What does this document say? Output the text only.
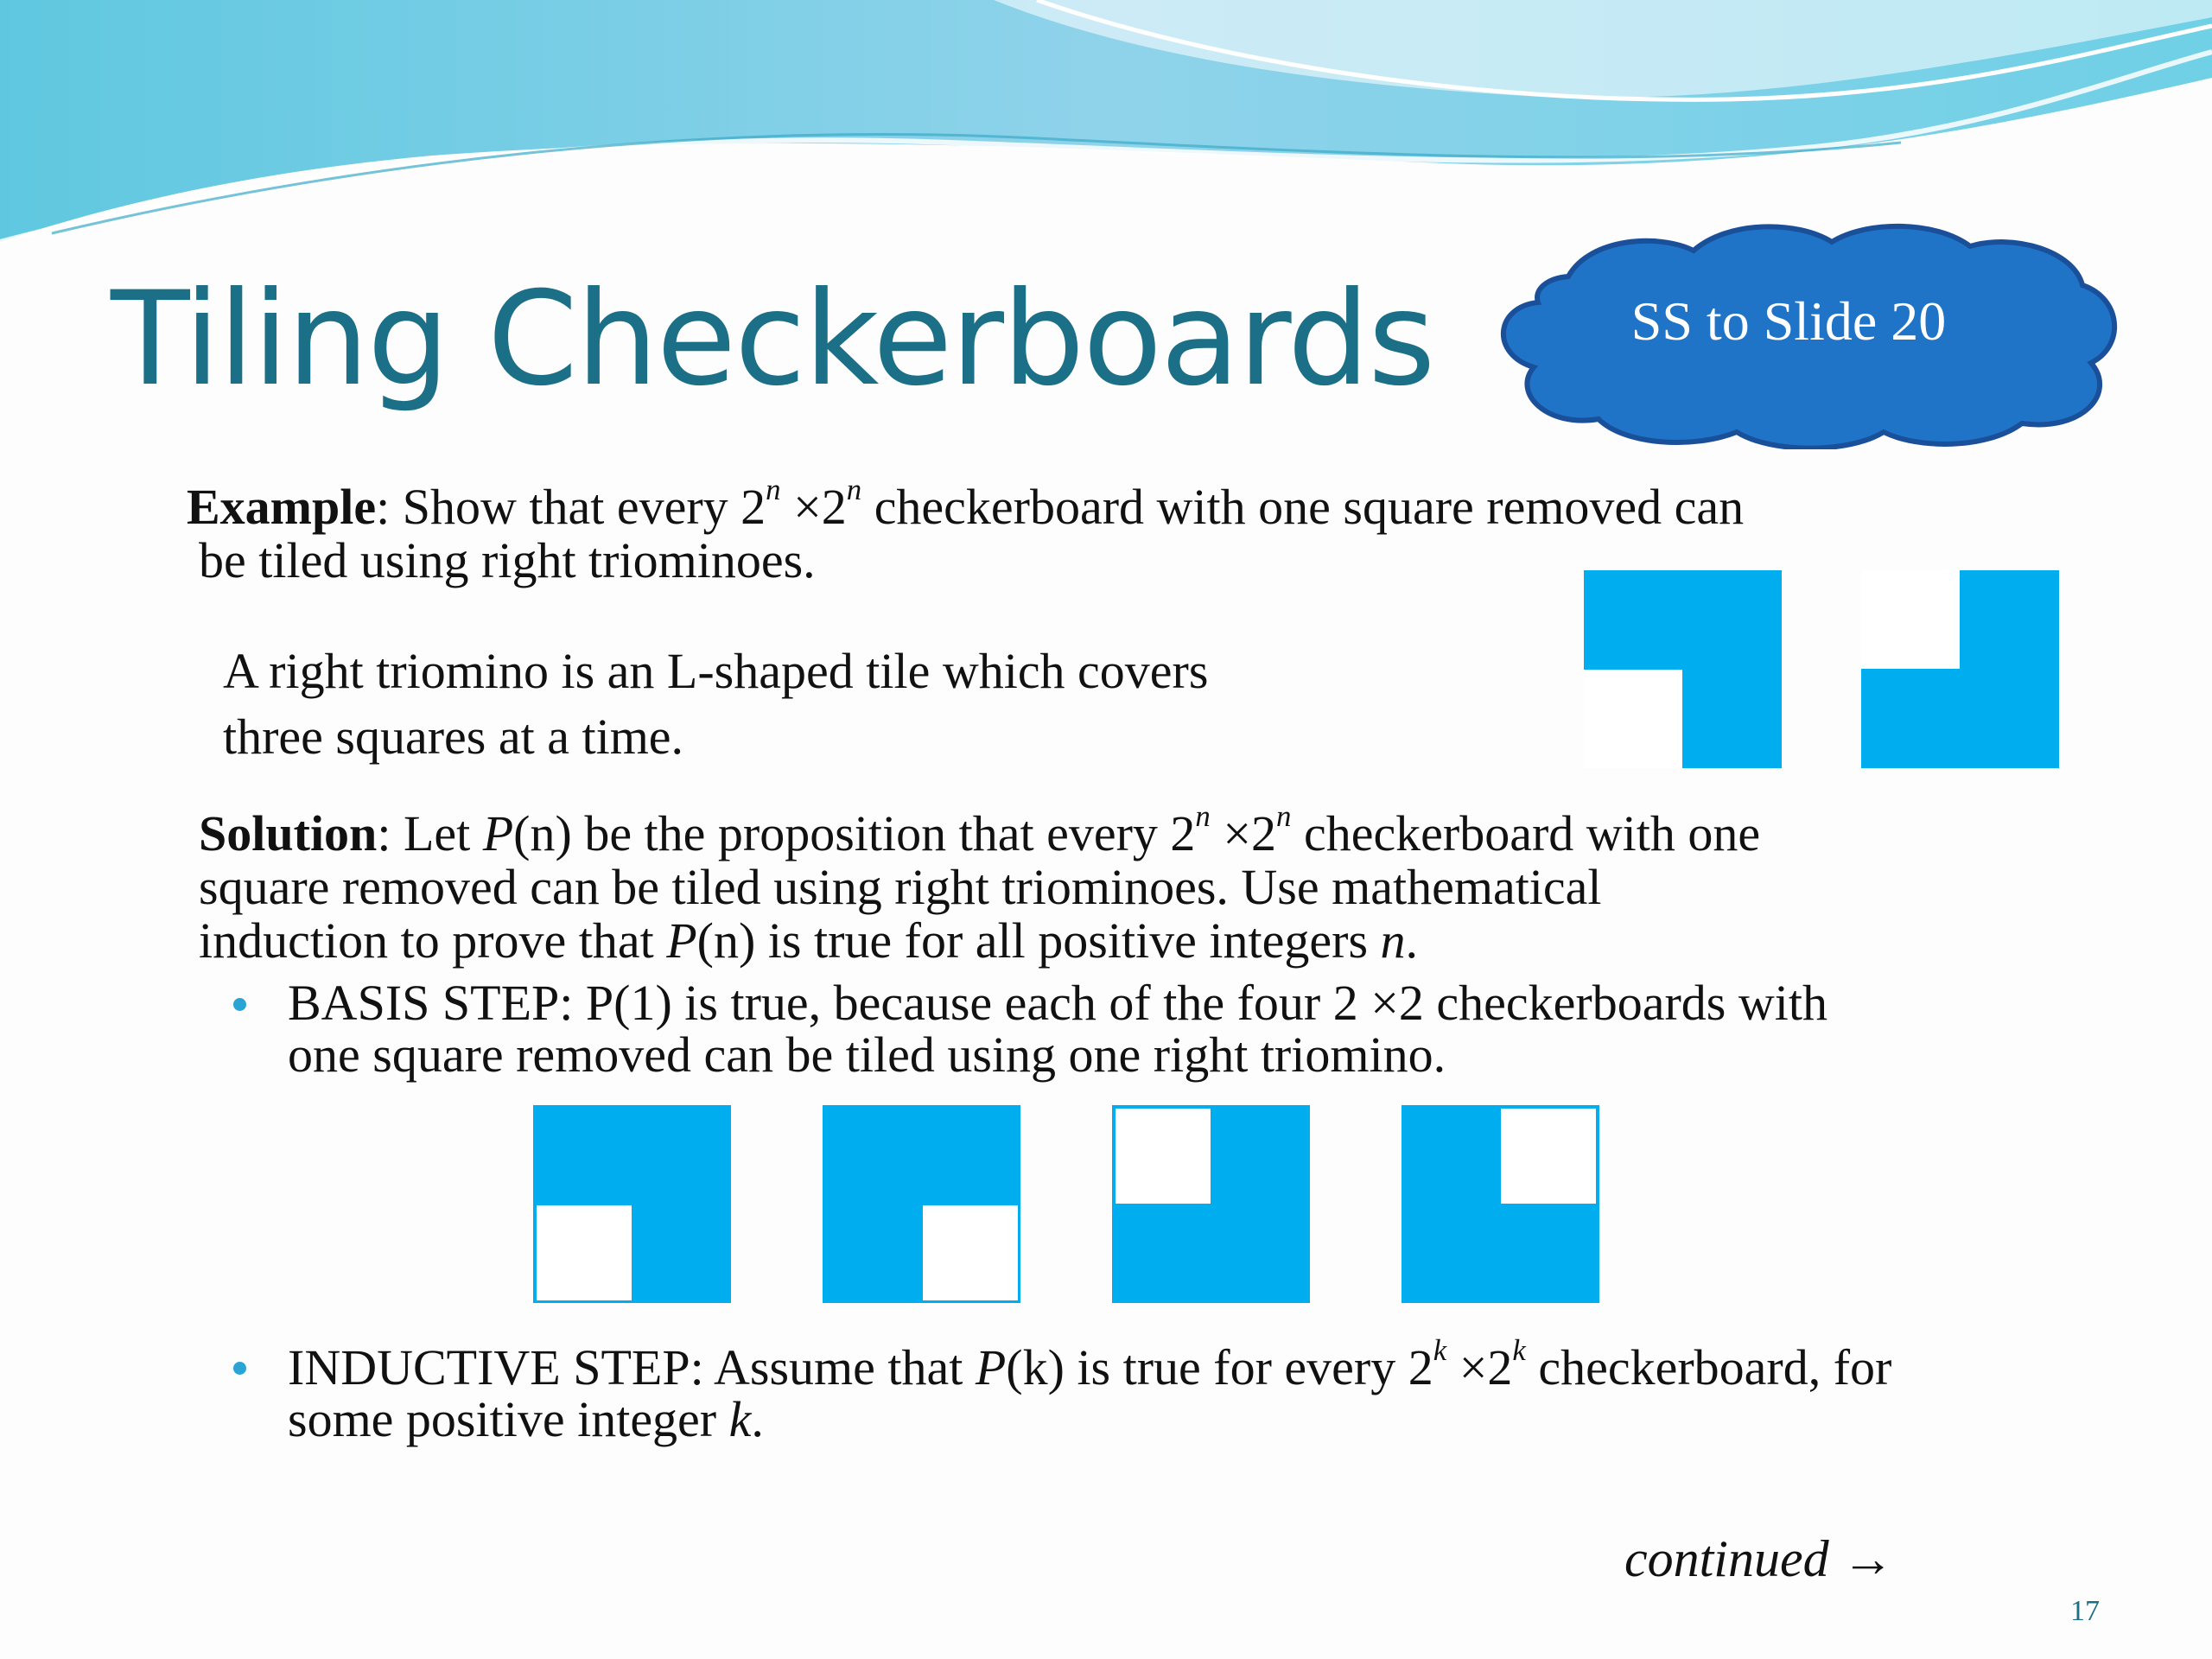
Tiling Checkerboards	SS to Slide 20

Example: Show that every $2^n \times 2^n$ checkerboard with one square removed can

be tiled using right triominoes.

A right triomino is an L-shaped tile which covers

three squares at a time.

Solution: Let P(n) be the proposition that every $2^n \times 2^n$ checkerboard with one

square removed can be tiled using right triominoes. Use mathematical

induction to prove that P(n) is true for all positive integers n.

BASIS STEP: P(1) is true, because each of the four 2 ×2 checkerboards with

one square removed can be tiled using one right triomino.

INDUCTIVE STEP: Assume that P(k) is true for every $2^k \times 2^k$ checkerboard, for

some positive integer k.

continued →
17
